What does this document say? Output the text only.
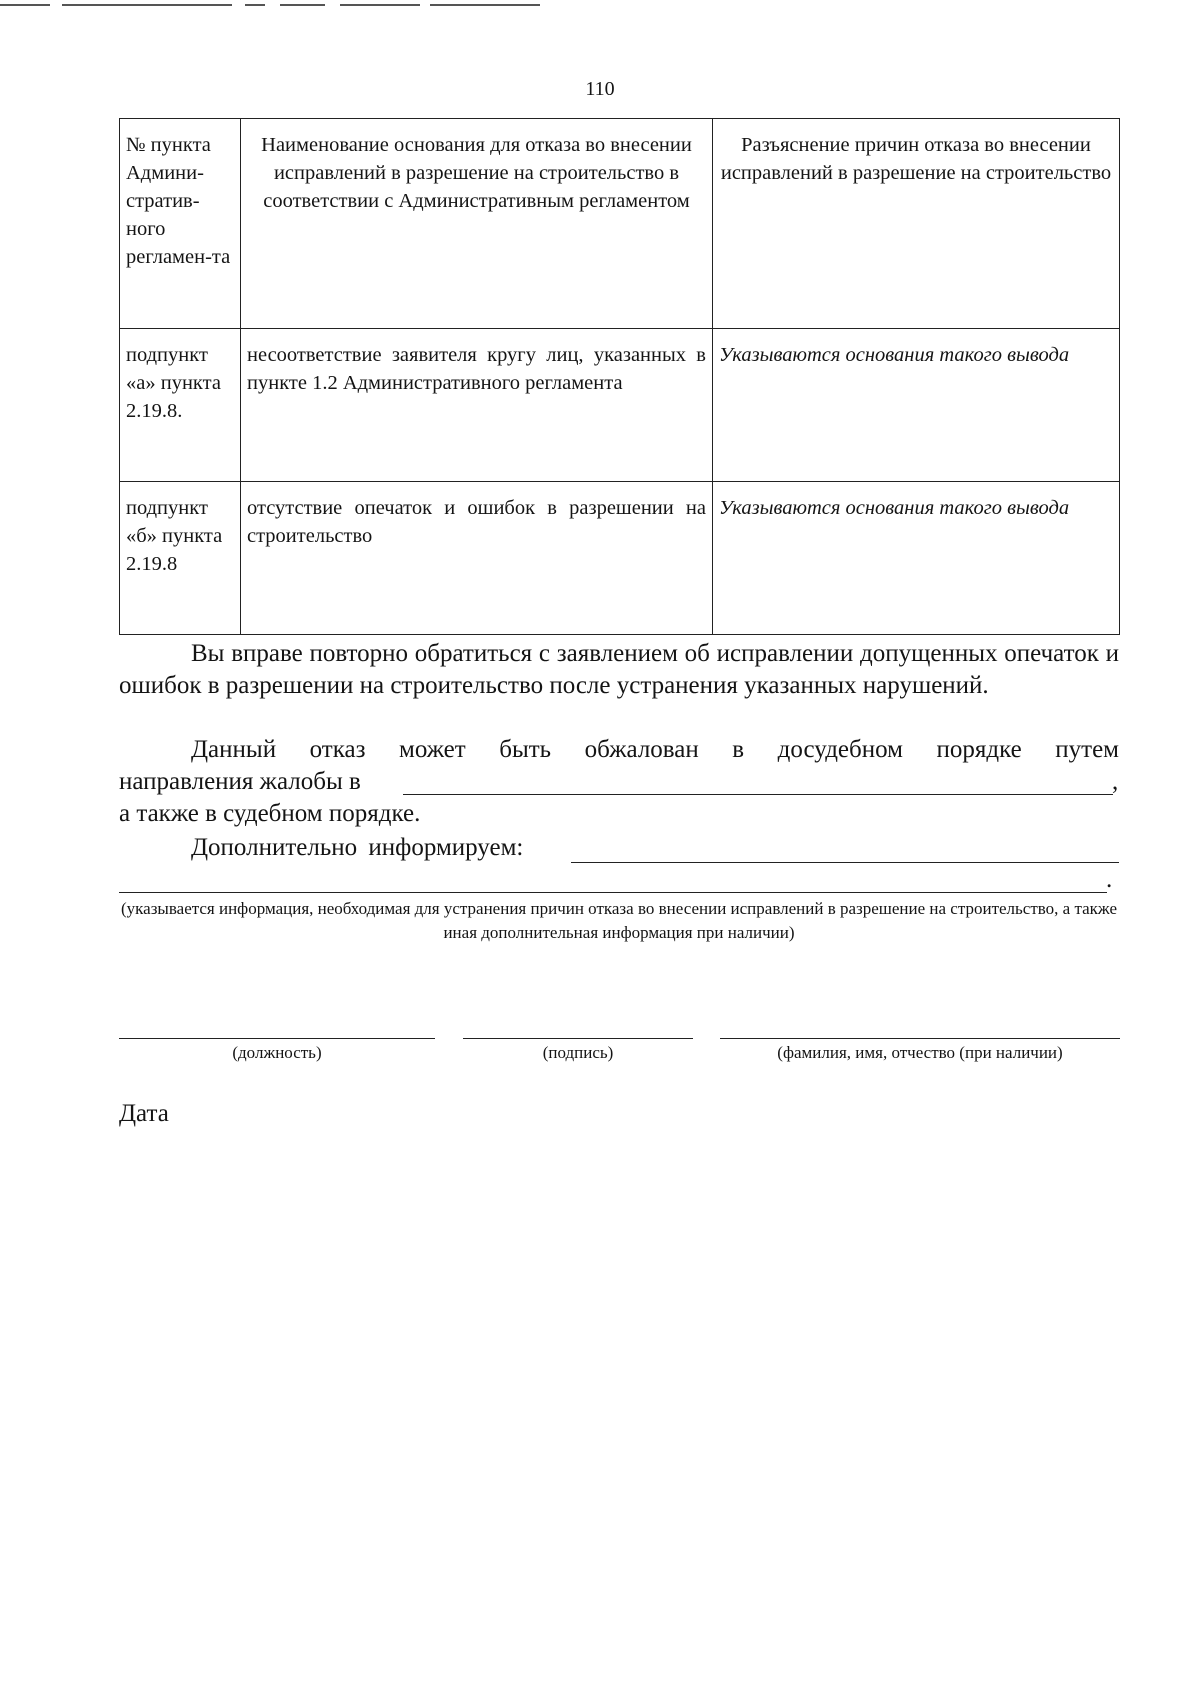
110
№ пункта Админи-стратив-ного регламен-та	Наименование основания для отказа во внесении исправлений в разрешение на строительство в соответствии с Административным регламентом	Разъяснение причин отказа во внесении исправлений в разрешение на строительство
подпункт «а» пункта 2.19.8.	несоответствие заявителя кругу лиц, указанных в пункте 1.2 Административного регламента	Указываются основания такого вывода
подпункт «б» пункта 2.19.8	отсутствие опечаток и ошибок в разрешении на строительство	Указываются основания такого вывода
Вы вправе повторно обратиться с заявлением об исправлении допущенных опечаток и ошибок в разрешении на строительство после устранения указанных нарушений.
Данный отказ может быть обжалован в досудебном порядке путем
направления жалобы в	,
а также в судебном порядке.
Дополнительно информируем:
.
(указывается информация, необходимая для устранения причин отказа во внесении исправлений в разрешение на строительство, а также иная дополнительная информация при наличии)
(должность)	(подпись)	(фамилия, имя, отчество (при наличии)
Дата
